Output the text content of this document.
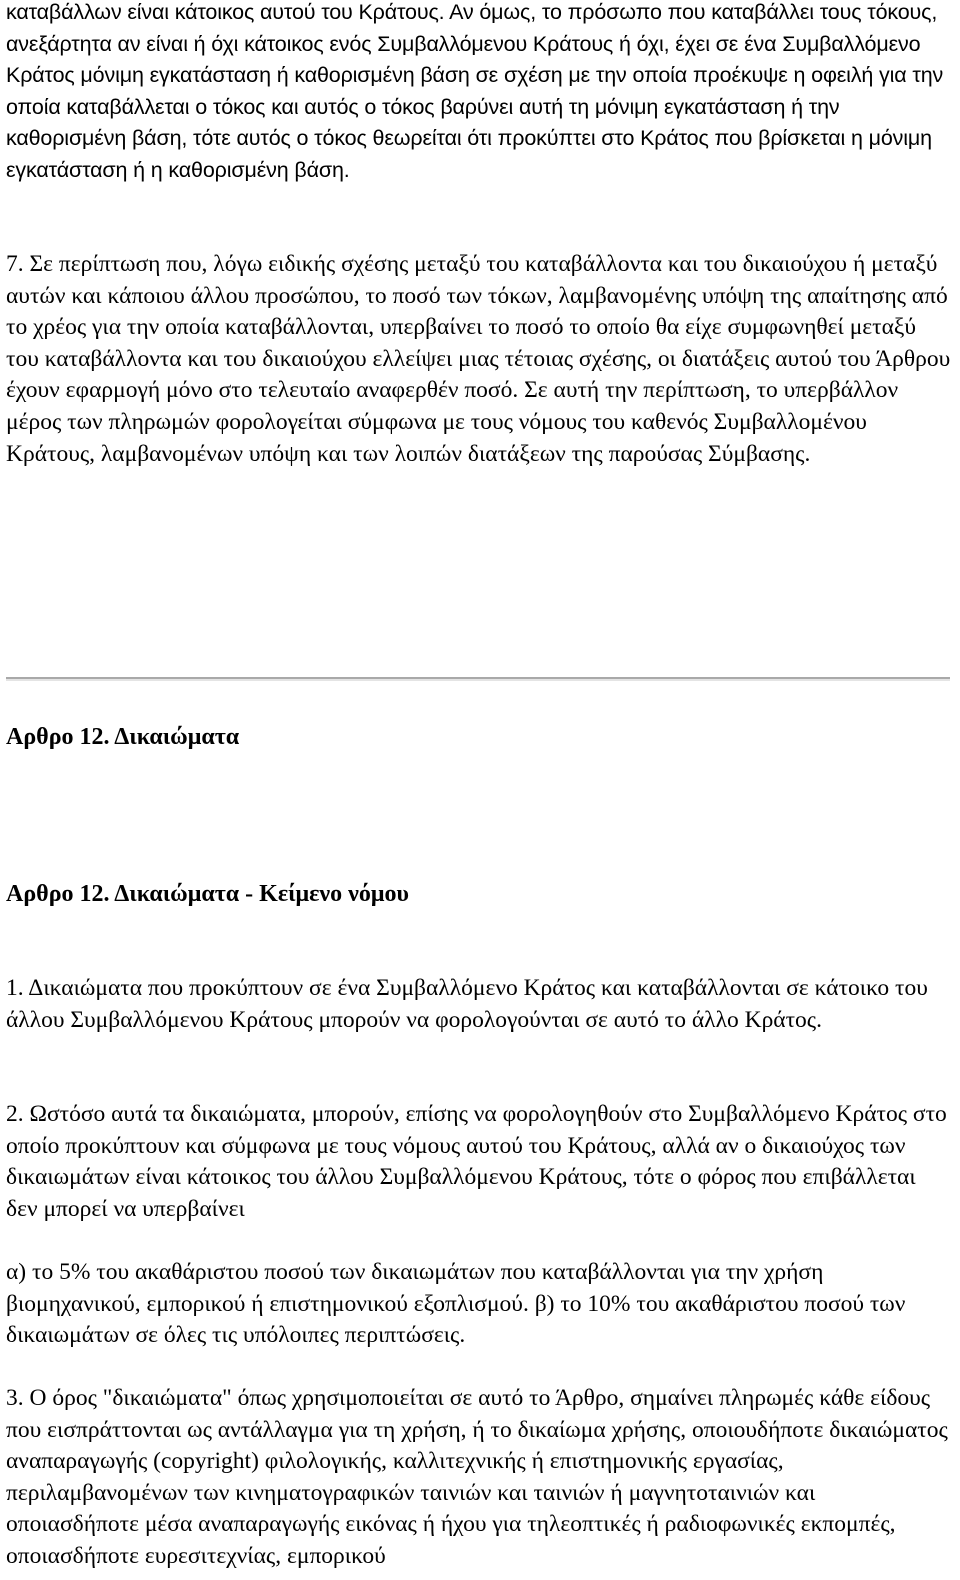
καταβάλλων είναι κάτοικος αυτού του Κράτους. Αν όμως, το πρόσωπο που καταβάλλει τους τόκους, ανεξάρτητα αν είναι ή όχι κάτοικος ενός Συμβαλλόμενου Κράτους ή όχι, έχει σε ένα Συμβαλλόμενο Κράτος μόνιμη εγκατάσταση ή καθορισμένη βάση σε σχέση με την οποία προέκυψε η οφειλή για την οποία καταβάλλεται ο τόκος και αυτός ο τόκος βαρύνει αυτή τη μόνιμη εγκατάσταση ή την καθορισμένη βάση, τότε αυτός ο τόκος θεωρείται ότι προκύπτει στο Κράτος που βρίσκεται η μόνιμη εγκατάσταση ή η καθορισμένη βάση.

7. Σε περίπτωση που, λόγω ειδικής σχέσης μεταξύ του καταβάλλοντα και του δικαιούχου ή μεταξύ αυτών και κάποιου άλλου προσώπου, το ποσό των τόκων, λαμβανομένης υπόψη της απαίτησης από το χρέος για την οποία καταβάλλονται, υπερβαίνει το ποσό το οποίο θα είχε συμφωνηθεί μεταξύ του καταβάλλοντα και του δικαιούχου ελλείψει μιας τέτοιας σχέσης, οι διατάξεις αυτού του Άρθρου έχουν εφαρμογή μόνο στο τελευταίο αναφερθέν ποσό. Σε αυτή την περίπτωση, το υπερβάλλον μέρος των πληρωμών φορολογείται σύμφωνα με τους νόμους του καθενός Συμβαλλομένου Κράτους, λαμβανομένων υπόψη και των λοιπών διατάξεων της παρούσας Σύμβασης.

Αρθρο 12. Δικαιώματα
Αρθρο 12. Δικαιώματα - Κείμενο νόμου

1. Δικαιώματα που προκύπτουν σε ένα Συμβαλλόμενο Κράτος και καταβάλλονται σε κάτοικο του άλλου Συμβαλλόμενου Κράτους μπορούν να φορολογούνται σε αυτό το άλλο Κράτος.

2. Ωστόσο αυτά τα δικαιώματα, μπορούν, επίσης να φορολογηθούν στο Συμβαλλόμενο Κράτος στο οποίο προκύπτουν και σύμφωνα με τους νόμους αυτού του Κράτους, αλλά αν ο δικαιούχος των δικαιωμάτων είναι κάτοικος του άλλου Συμβαλλόμενου Κράτους, τότε ο φόρος που επιβάλλεται δεν μπορεί να υπερβαίνει

α) το 5% του ακαθάριστου ποσού των δικαιωμάτων που καταβάλλονται για την χρήση βιομηχανικού, εμπορικού ή επιστημονικού εξοπλισμού. β) το 10% του ακαθάριστου ποσού των δικαιωμάτων σε όλες τις υπόλοιπες περιπτώσεις.

3. Ο όρος "δικαιώματα" όπως χρησιμοποιείται σε αυτό το Άρθρο, σημαίνει πληρωμές κάθε είδους που εισπράττονται ως αντάλλαγμα για τη χρήση, ή το δικαίωμα χρήσης, οποιουδήποτε δικαιώματος αναπαραγωγής (copyright) φιλολογικής, καλλιτεχνικής ή επιστημονικής εργασίας, περιλαμβανομένων των κινηματογραφικών ταινιών και ταινιών ή μαγνητοταινιών και οποιασδήποτε μέσα αναπαραγωγής εικόνας ή ήχου για τηλεοπτικές ή ραδιοφωνικές εκπομπές, οποιασδήποτε ευρεσιτεχνίας, εμπορικού
